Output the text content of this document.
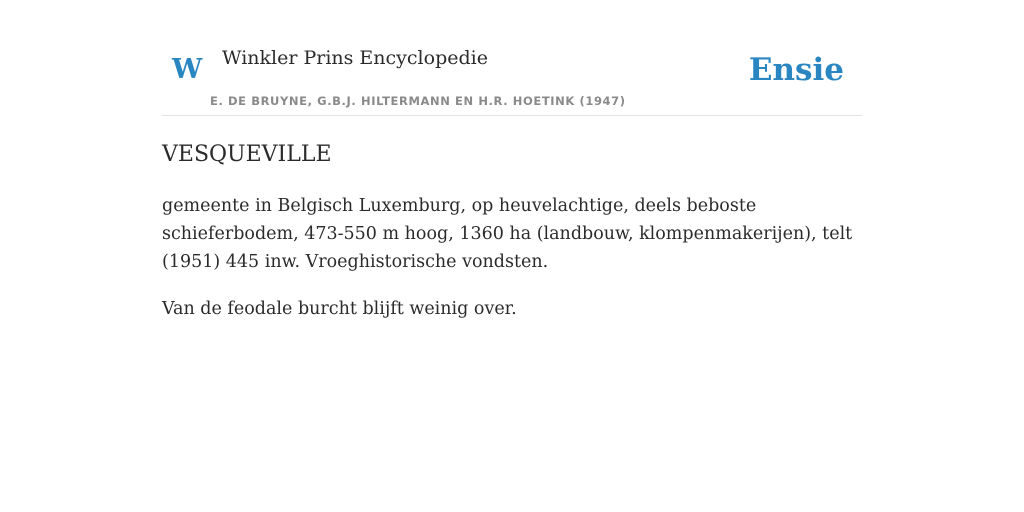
W Winkler Prins Encyclopedie
E. DE BRUYNE, G.B.J. HILTERMANN EN H.R. HOETINK (1947)
Ensie
VESQUEVILLE

gemeente in Belgisch Luxemburg, op heuvelachtige, deels beboste schieferbodem, 473-550 m hoog, 1360 ha (landbouw, klompenmakerijen), telt (1951) 445 inw. Vroeghistorische vondsten.

Van de feodale burcht blijft weinig over.
